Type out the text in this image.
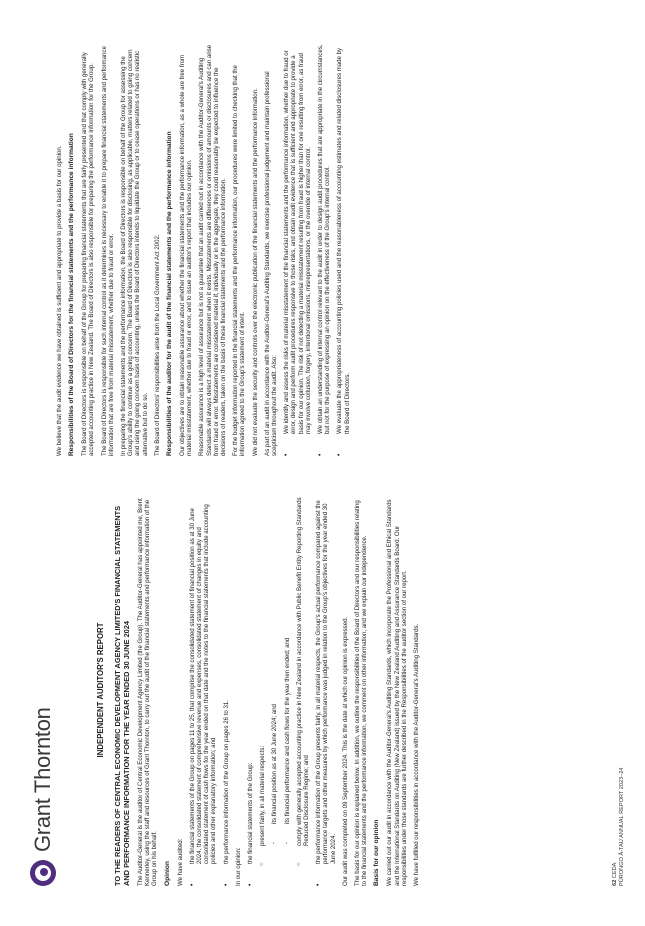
Grant Thornton
INDEPENDENT AUDITOR'S REPORT TO THE READERS OF CENTRAL ECONOMIC DEVELOPMENT AGENCY LIMITED'S FINANCIAL STATEMENTS AND PERFORMANCE INFORMATION FOR THE YEAR ENDED 30 JUNE 2024 The Auditor-General is the auditor of Central Economic Development Agency Limited (the Group). The Auditor-General has appointed me, Brent Kennerley, using the staff and resources of Grant Thornton, to carry out the audit of the financial statements and performance information of the Group on his behalf. Opinion We have audited: •
the financial statements of the Group on pages 11 to 25, that comprise the consolidated statement of financial position as at 30 June 2024, the consolidated statement of comprehensive revenue and expenses, consolidated statement of changes in equity and consolidated statement of cash flows for the year ended on that date and the notes to the financial statements that include accounting policies and other explanatory information; and
•
the performance information of the Group on pages 26 to 31.

In our opinion: •
the financial statements of the Group:
○
present fairly, in all material respects: -
its financial position as at 30 June 2024; and
-
its financial performance and cash flows for the year then ended; and
○
comply with generally accepted accounting practice in New Zealand in accordance with Public Benefit Entity Reporting Standards Reduced Disclosure Regime; and
•
the performance information of the Group presents fairly, in all material respects, the Group's actual performance compared against the performance targets and other measures by which performance was judged in relation to the Group's objectives for the year ended 30 June 2024. Our audit was completed on 09 September 2024. This is the date at which our opinion is expressed. The basis for our opinion is explained below. In addition, we outline the responsibilities of the Board of Directors and our responsibilities relating to the financial statements and the performance information, we comment on other information, and we explain our independence. Basis for our opinion We carried out our audit in accordance with the Auditor-General's Auditing Standards, which incorporate the Professional and Ethical Standards and the International Standards on Auditing (New Zealand) issued by the New Zealand Auditing and Assurance Standards Board. Our responsibilities under those standards are further described in the Responsibilities of the auditor section of our report. We have fulfilled our responsibilities in accordance with the Auditor-General's Auditing Standards.

We believe that the audit evidence we have obtained is sufficient and appropriate to provide a basis for our opinion. Responsibilities of the Board of Directors for the financial statements and the performance information The Board of Directors is responsible on behalf of the Group for preparing financial statements that are fairly presented and that comply with generally accepted accounting practice in New Zealand. The Board of Directors is also responsible for preparing the performance information for the Group. The Board of Directors is responsible for such internal control as it determines is necessary to enable it to prepare financial statements and performance information that are free from material misstatement, whether due to fraud or error. In preparing the financial statements and the performance information, the Board of Directors is responsible on behalf of the Group for assessing the Group's ability to continue as a going concern. The Board of Directors is also responsible for disclosing, as applicable, matters related to going concern and using the going concern basis of accounting, unless the Board of Directors intends to liquidate the Group or to cease operations or has no realistic alternative but to do so. The Board of Directors' responsibilities arise from the Local Government Act 2002. Responsibilities of the auditor for the audit of the financial statements and the performance information Our objectives are to obtain reasonable assurance about whether the financial statements and the performance information, as a whole are free from material misstatement, whether due to fraud or error, and to issue an auditor's report that includes our opinion. Reasonable assurance is a high level of assurance but is not a guarantee that an audit carried out in accordance with the Auditor-General's Auditing Standards will always detect a material misstatement when it exists. Misstatements are differences or omissions of amounts or disclosures and can arise from fraud or error. Misstatements are considered material if, individually or in the aggregate, they could reasonably be expected to influence the decisions of readers, taken on the basis of these financial statements and the performance information. For the budget information reported in the financial statements and the performance information, our procedures were limited to checking that the information agreed to the Group's statement of intent. We did not evaluate the security and controls over the electronic publication of the financial statements and the performance information. As part of an audit in accordance with the Auditor-General's Auditing Standards, we exercise professional judgement and maintain professional scepticism throughout the audit. Also: •
We identify and assess the risks of material misstatement of the financial statements and the performance information, whether due to fraud or error, design and perform audit procedures responsive to those risks, and obtain audit evidence that is sufficient and appropriate to provide a basis for our opinion. The risk of not detecting a material misstatement resulting from fraud is higher than for one resulting from error, as fraud may involve collusion, forgery, intentional omissions, misrepresentations, or the override of internal control.
•
We obtain an understanding of internal control relevant to the audit in order to design audit procedures that are appropriate in the circumstances, but not for the purpose of expressing an opinion on the effectiveness of the Group's internal control.
•
We evaluate the appropriateness of accounting policies used and the reasonableness of accounting estimates and related disclosures made by the Board of Directors.
62 CEDA PŪRONGO Ā-TAU ANNUAL REPORT 2023–24
